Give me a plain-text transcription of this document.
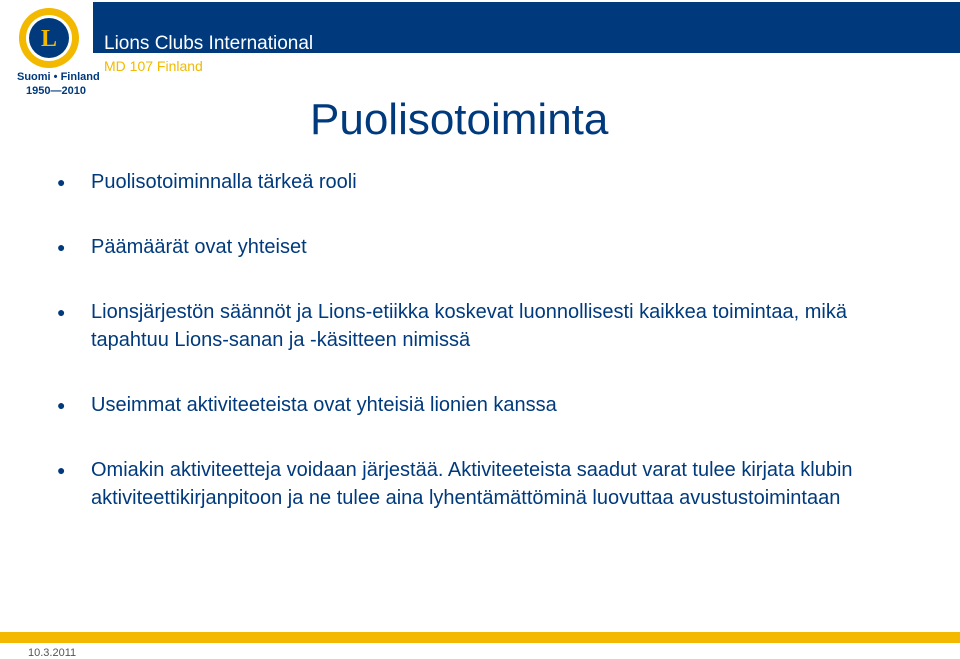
Lions Clubs International
MD 107 Finland
L
Suomi • Finland
1950—2010
Puolisotoiminta
● Puolisotoiminnalla tärkeä rooli
● Päämäärät ovat yhteiset
● Lionsjärjestön säännöt ja Lions-etiikka koskevat luonnollisesti kaikkea toimintaa, mikä tapahtuu Lions-sanan ja -käsitteen nimissä
● Useimmat aktiviteeteista ovat yhteisiä lionien kanssa
● Omiakin aktiviteetteja voidaan järjestää. Aktiviteeteista saadut varat tulee kirjata klubin aktiviteettikirjanpitoon ja ne tulee aina lyhentämättöminä luovuttaa avustustoimintaan
10.3.2011
